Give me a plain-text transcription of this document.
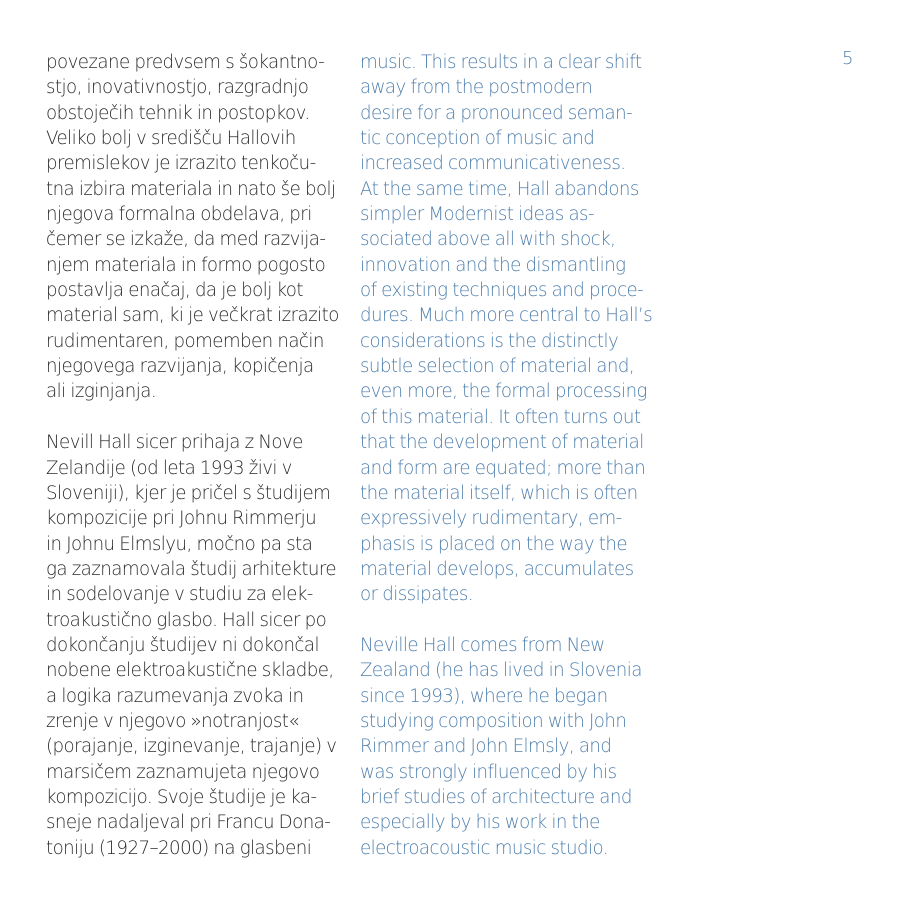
povezane predvsem s šokantno-
stjo, inovativnostjo, razgradnjo
obstoječih tehnik in postopkov.
Veliko bolj v središču Hallovih
premislekov je izrazito tenkoču-
tna izbira materiala in nato še bolj
njegova formalna obdelava, pri
čemer se izkaže, da med razvija-
njem materiala in formo pogosto
postavlja enačaj, da je bolj kot
material sam, ki je večkrat izrazito
rudimentaren, pomemben način
njegovega razvijanja, kopičenja
ali izginjanja.
Nevill Hall sicer prihaja z Nove
Zelandije (od leta 1993 živi v
Sloveniji), kjer je pričel s študijem
kompozicije pri Johnu Rimmerju
in Johnu Elmslyu, močno pa sta
ga zaznamovala študij arhitekture
in sodelovanje v studiu za elek-
troakustično glasbo. Hall sicer po
dokončanju študijev ni dokončal
nobene elektroakustične skladbe,
a logika razumevanja zvoka in
zrenje v njegovo »notranjost«
(porajanje, izginevanje, trajanje) v
marsičem zaznamujeta njegovo
kompozicijo. Svoje študije je ka-
sneje nadaljeval pri Francu Dona-
toniju (1927–2000) na glasbeni
music. This results in a clear shift
away from the postmodern
desire for a pronounced seman-
tic conception of music and
increased communicativeness.
At the same time, Hall abandons
simpler Modernist ideas as-
sociated above all with shock,
innovation and the dismantling
of existing techniques and proce-
dures. Much more central to Hall’s
considerations is the distinctly
subtle selection of material and,
even more, the formal processing
of this material. It often turns out
that the development of material
and form are equated; more than
the material itself, which is often
expressively rudimentary, em-
phasis is placed on the way the
material develops, accumulates
or dissipates.
Neville Hall comes from New
Zealand (he has lived in Slovenia
since 1993), where he began
studying composition with John
Rimmer and John Elmsly, and
was strongly influenced by his
brief studies of architecture and
especially by his work in the
electroacoustic music studio.
5
